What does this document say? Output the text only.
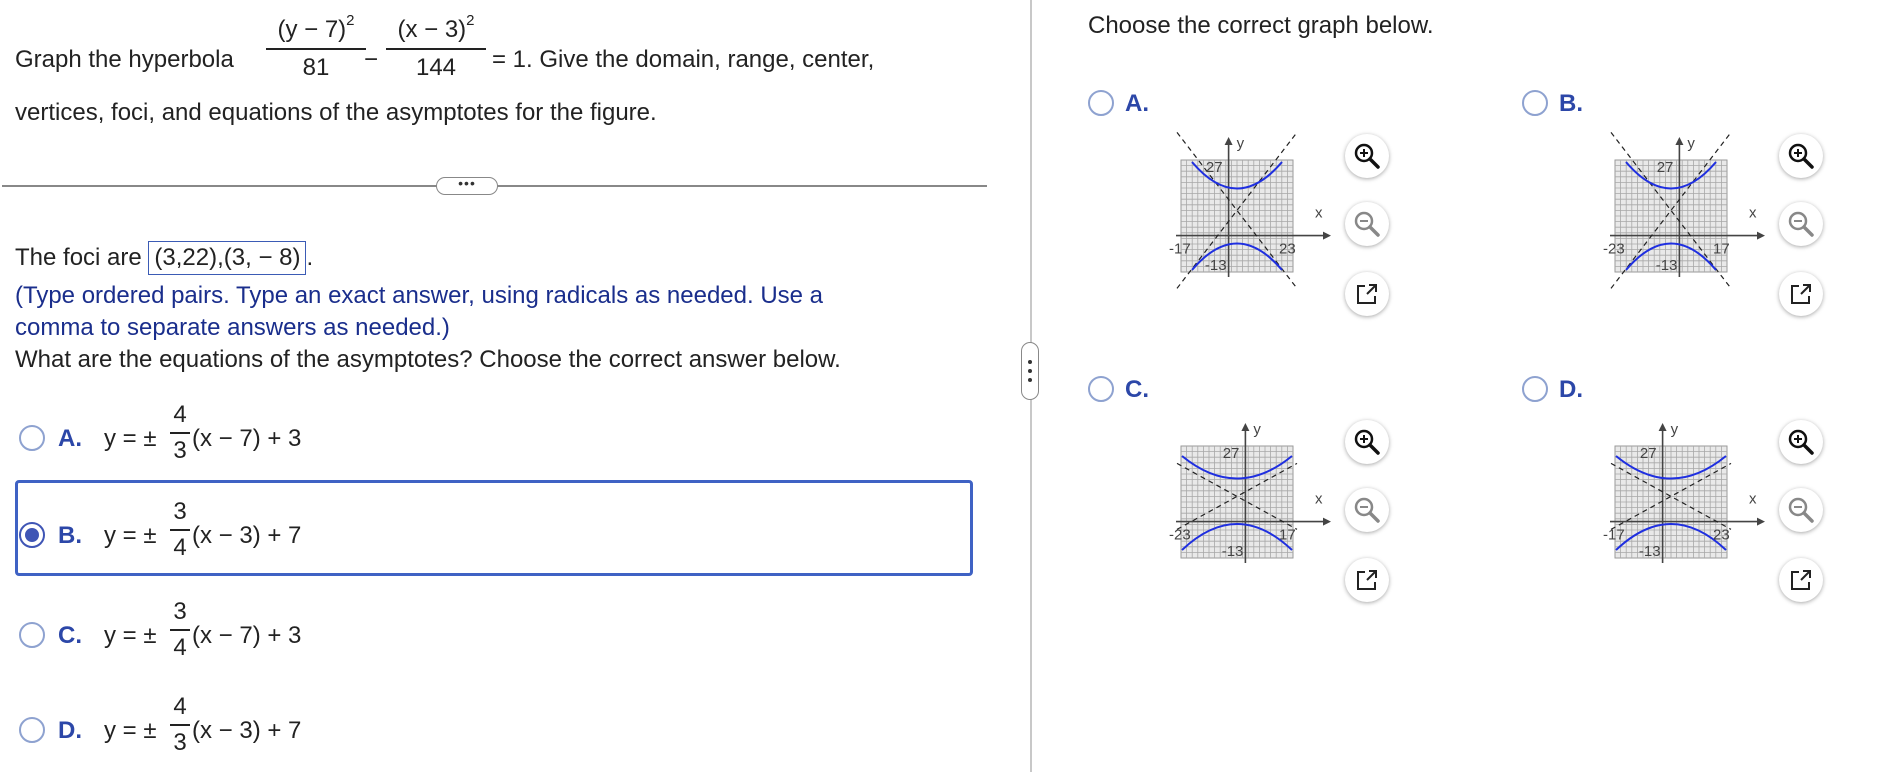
Graph the hyperbola
$(y - 7)^2$
81	−
$(x - 3)^2$
144	= 1. Give the domain, range, center,
vertices, foci, and equations of the asymptotes for the figure.
•••
The foci are (3,22),(3, − 8) .
(Type ordered pairs. Type an exact answer, using radicals as needed. Use a
comma to separate answers as needed.)
What are the equations of the asymptotes? Choose the correct answer below.
A. y = ±
4
3 (x − 7) + 3
B. y = ±
3
4 (x − 3) + 7
C. y = ±
3
4 (x − 7) + 3
D. y = ±
4
3 (x − 3) + 7
Choose the correct graph below.
A.
y
x
27
-13
-17	23
B.
y
x
27
-13
-23	17
C.
y
x
27
-13
-23	17
D.
y
x
27
-13
-17	23
